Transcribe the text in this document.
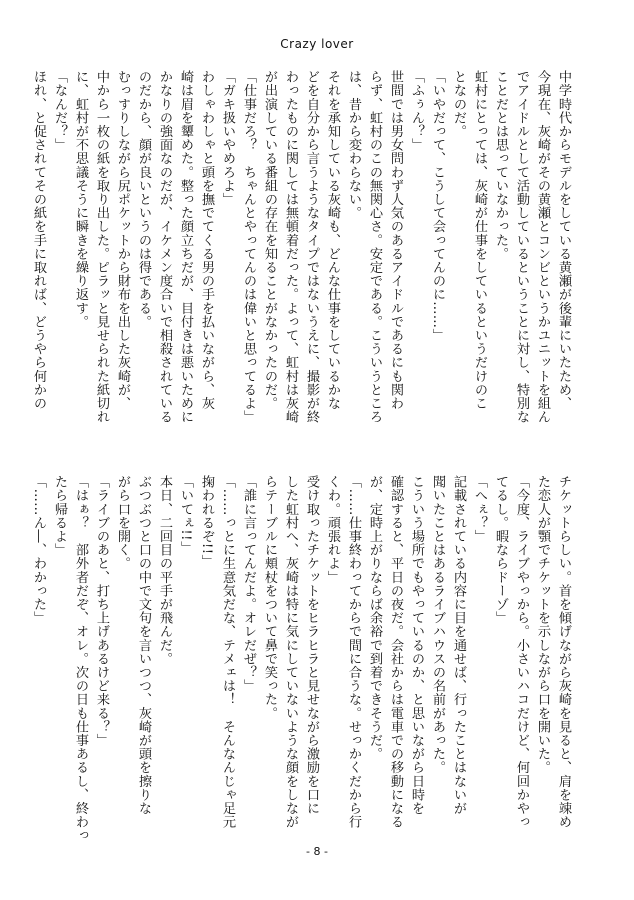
Crazy lover

中学時代からモデルをしている黄瀬が後輩にいたため、

今現在、灰崎がその黄瀬とコンビというかユニットを組ん

でアイドルとして活動しているということに対し、特別な

ことだとは思っていなかった。

虹村にとっては、灰崎が仕事をしているというだけのこ

となのだ。

「いやだって、こうして会ってんのに……」

「ふぅん？」

世間では男女問わず人気のあるアイドルであるにも関わ

らず、虹村のこの無関心さ。安定である。こういうところ

は、昔から変わらない。

それを承知している灰崎も、どんな仕事をしているかな

どを自分から言うようなタイプではないうえに、撮影が終

わったものに関しては無頓着だった。よって、虹村は灰崎

が出演している番組の存在を知ることがなかったのだ。

「仕事だろ？　ちゃんとやってんのは偉いと思ってるよ」

「ガキ扱いやめろよ」

わしゃわしゃと頭を撫でてくる男の手を払いながら、灰

崎は眉を顰めた。整った顔立ちだが、目付きは悪いために

かなりの強面なのだが、イケメン度合いで相殺されている

のだから、顔が良いというのは得である。

むっすりしながら尻ポケットから財布を出した灰崎が、

中から一枚の紙を取り出した。ピラッと見せられた紙切れ

に、虹村が不思議そうに瞬きを繰り返す。

「なんだ？」

ほれ、と促されてその紙を手に取れば、どうやら何かの

チケットらしい。首を傾げながら灰崎を見ると、肩を竦め

た恋人が顎でチケットを示しながら口を開いた。

「今度、ライブやっから。小さいハコだけど、何回かやっ

てるし。暇ならドーゾ」

「へぇ？」

記載されている内容に目を通せば、行ったことはないが

聞いたことはあるライブハウスの名前があった。

こういう場所でもやっているのか、と思いながら日時を

確認すると、平日の夜だ。会社からは電車での移動になる

が、定時上がりならば余裕で到着できそうだ。

「……仕事終わってからで間に合うな。せっかくだから行

くわ。頑張れよ」

受け取ったチケットをヒラヒラと見せながら激励を口に

した虹村へ、灰崎は特に気にしていないような顔をしなが

らテーブルに頬杖をついて鼻で笑った。

「誰に言ってんだよ。オレだぜ？」

「……っとに生意気だな、テメェは！　そんなんじゃ足元

掬われるぞ!!」

「いてぇ!!」

本日、二回目の平手が飛んだ。

ぶつぶつと口の中で文句を言いつつ、灰崎が頭を擦りな

がら口を開く。

「ライブのあと、打ち上げあるけど来る？」

「はぁ？　部外者だぞ、オレ。次の日も仕事あるし、終わっ

たら帰るよ」

「……ん―、わかった」

- 8 -
